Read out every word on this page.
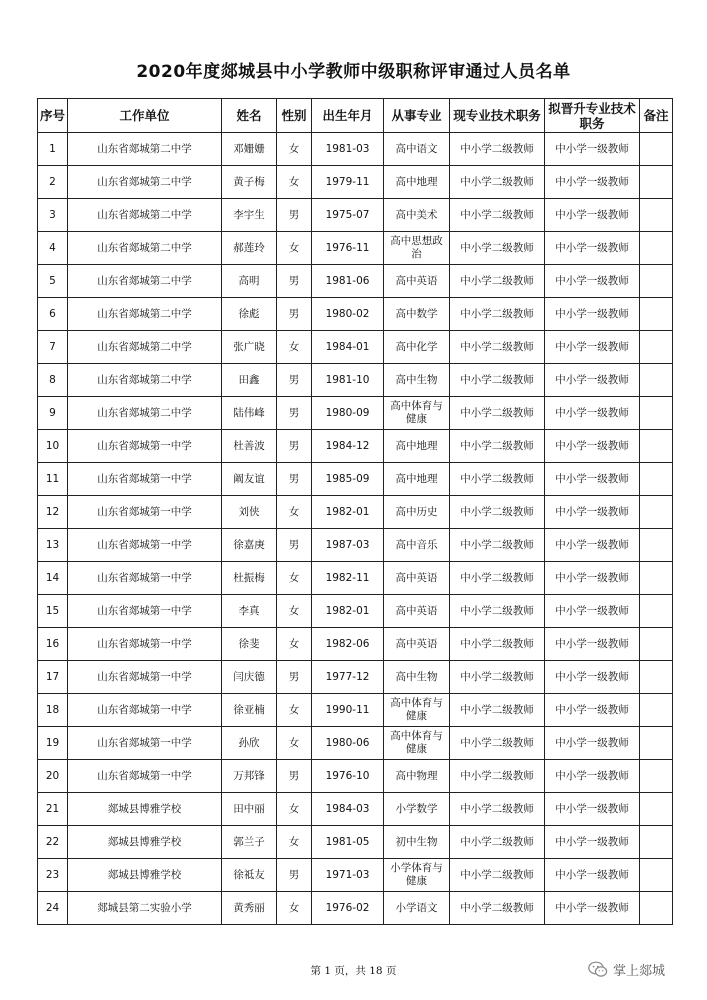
2020年度郯城县中小学教师中级职称评审通过人员名单
序号	工作单位	姓名	性别	出生年月	从事专业	现专业技术职务	拟晋升专业技术职务	备注
1	山东省郯城第二中学	邓姗姗	女	1981-03	高中语文	中小学二级教师	中小学一级教师	
2	山东省郯城第二中学	黄子梅	女	1979-11	高中地理	中小学二级教师	中小学一级教师	
3	山东省郯城第二中学	李宇生	男	1975-07	高中美术	中小学二级教师	中小学一级教师	
4	山东省郯城第二中学	郝莲玲	女	1976-11	高中思想政治	中小学二级教师	中小学一级教师	
5	山东省郯城第二中学	高明	男	1981-06	高中英语	中小学二级教师	中小学一级教师	
6	山东省郯城第二中学	徐彪	男	1980-02	高中数学	中小学二级教师	中小学一级教师	
7	山东省郯城第二中学	张广晓	女	1984-01	高中化学	中小学二级教师	中小学一级教师	
8	山东省郯城第二中学	田鑫	男	1981-10	高中生物	中小学二级教师	中小学一级教师	
9	山东省郯城第二中学	陆伟峰	男	1980-09	高中体育与健康	中小学二级教师	中小学一级教师	
10	山东省郯城第一中学	杜善波	男	1984-12	高中地理	中小学二级教师	中小学一级教师	
11	山东省郯城第一中学	阚友谊	男	1985-09	高中地理	中小学二级教师	中小学一级教师	
12	山东省郯城第一中学	刘侠	女	1982-01	高中历史	中小学二级教师	中小学一级教师	
13	山东省郯城第一中学	徐嘉庚	男	1987-03	高中音乐	中小学二级教师	中小学一级教师	
14	山东省郯城第一中学	杜振梅	女	1982-11	高中英语	中小学二级教师	中小学一级教师	
15	山东省郯城第一中学	李真	女	1982-01	高中英语	中小学二级教师	中小学一级教师	
16	山东省郯城第一中学	徐斐	女	1982-06	高中英语	中小学二级教师	中小学一级教师	
17	山东省郯城第一中学	闫庆德	男	1977-12	高中生物	中小学二级教师	中小学一级教师	
18	山东省郯城第一中学	徐亚楠	女	1990-11	高中体育与健康	中小学二级教师	中小学一级教师	
19	山东省郯城第一中学	孙欣	女	1980-06	高中体育与健康	中小学二级教师	中小学一级教师	
20	山东省郯城第一中学	万邦锋	男	1976-10	高中物理	中小学二级教师	中小学一级教师	
21	郯城县博雅学校	田中丽	女	1984-03	小学数学	中小学二级教师	中小学一级教师	
22	郯城县博雅学校	郭兰子	女	1981-05	初中生物	中小学二级教师	中小学一级教师	
23	郯城县博雅学校	徐祗友	男	1971-03	小学体育与健康	中小学二级教师	中小学一级教师	
24	郯城县第二实验小学	黄秀丽	女	1976-02	小学语文	中小学二级教师	中小学一级教师	
第 1 页，共 18 页	掌上郯城
